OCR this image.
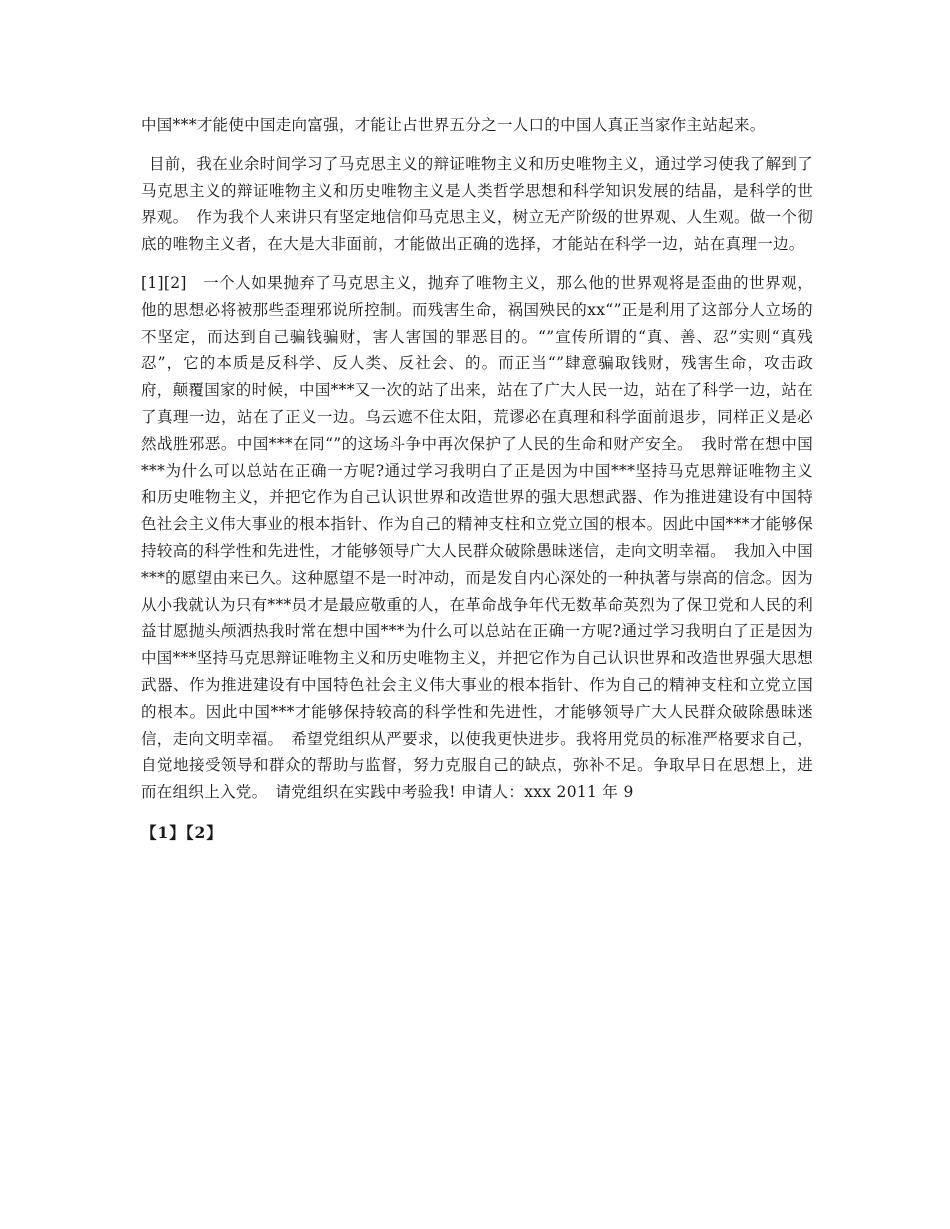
中国***才能使中国走向富强，才能让占世界五分之一人口的中国人真正当家作主站起来。

目前，我在业余时间学习了马克思主义的辩证唯物主义和历史唯物主义，通过学习使我了解到了马克思主义的辩证唯物主义和历史唯物主义是人类哲学思想和科学知识发展的结晶，是科学的世界观。　作为我个人来讲只有坚定地信仰马克思主义，树立无产阶级的世界观、人生观。做一个彻底的唯物主义者，在大是大非面前，才能做出正确的选择，才能站在科学一边，站在真理一边。

[1][2]　一个人如果抛弃了马克思主义，抛弃了唯物主义，那么他的世界观将是歪曲的世界观，他的思想必将被那些歪理邪说所控制。而残害生命，祸国殃民的xx“”正是利用了这部分人立场的不坚定，而达到自己骗钱骗财，害人害国的罪恶目的。“”宣传所谓的“真、善、忍”实则“真残忍”，它的本质是反科学、反人类、反社会、的。而正当“”肆意骗取钱财，残害生命，攻击政府，颠覆国家的时候，中国***又一次的站了出来，站在了广大人民一边，站在了科学一边，站在了真理一边，站在了正义一边。乌云遮不住太阳，荒谬必在真理和科学面前退步，同样正义是必然战胜邪恶。中国***在同“”的这场斗争中再次保护了人民的生命和财产安全。　我时常在想中国***为什么可以总站在正确一方呢?通过学习我明白了正是因为中国***坚持马克思辩证唯物主义和历史唯物主义，并把它作为自己认识世界和改造世界的强大思想武器、作为推进建设有中国特色社会主义伟大事业的根本指针、作为自己的精神支柱和立党立国的根本。因此中国***才能够保持较高的科学性和先进性，才能够领导广大人民群众破除愚昧迷信，走向文明幸福。　我加入中国***的愿望由来已久。这种愿望不是一时冲动，而是发自内心深处的一种执著与崇高的信念。因为从小我就认为只有***员才是最应敬重的人，在革命战争年代无数革命英烈为了保卫党和人民的利益甘愿抛头颅洒热我时常在想中国***为什么可以总站在正确一方呢?通过学习我明白了正是因为中国***坚持马克思辩证唯物主义和历史唯物主义，并把它作为自己认识世界和改造世界强大思想武器、作为推进建设有中国特色社会主义伟大事业的根本指针、作为自己的精神支柱和立党立国的根本。因此中国***才能够保持较高的科学性和先进性，才能够领导广大人民群众破除愚昧迷信，走向文明幸福。　希望党组织从严要求，以使我更快进步。我将用党员的标准严格要求自己，自觉地接受领导和群众的帮助与监督，努力克服自己的缺点，弥补不足。争取早日在思想上，进而在组织上入党。　请党组织在实践中考验我! 申请人：xxx 2011 年 9

【1】【2】
